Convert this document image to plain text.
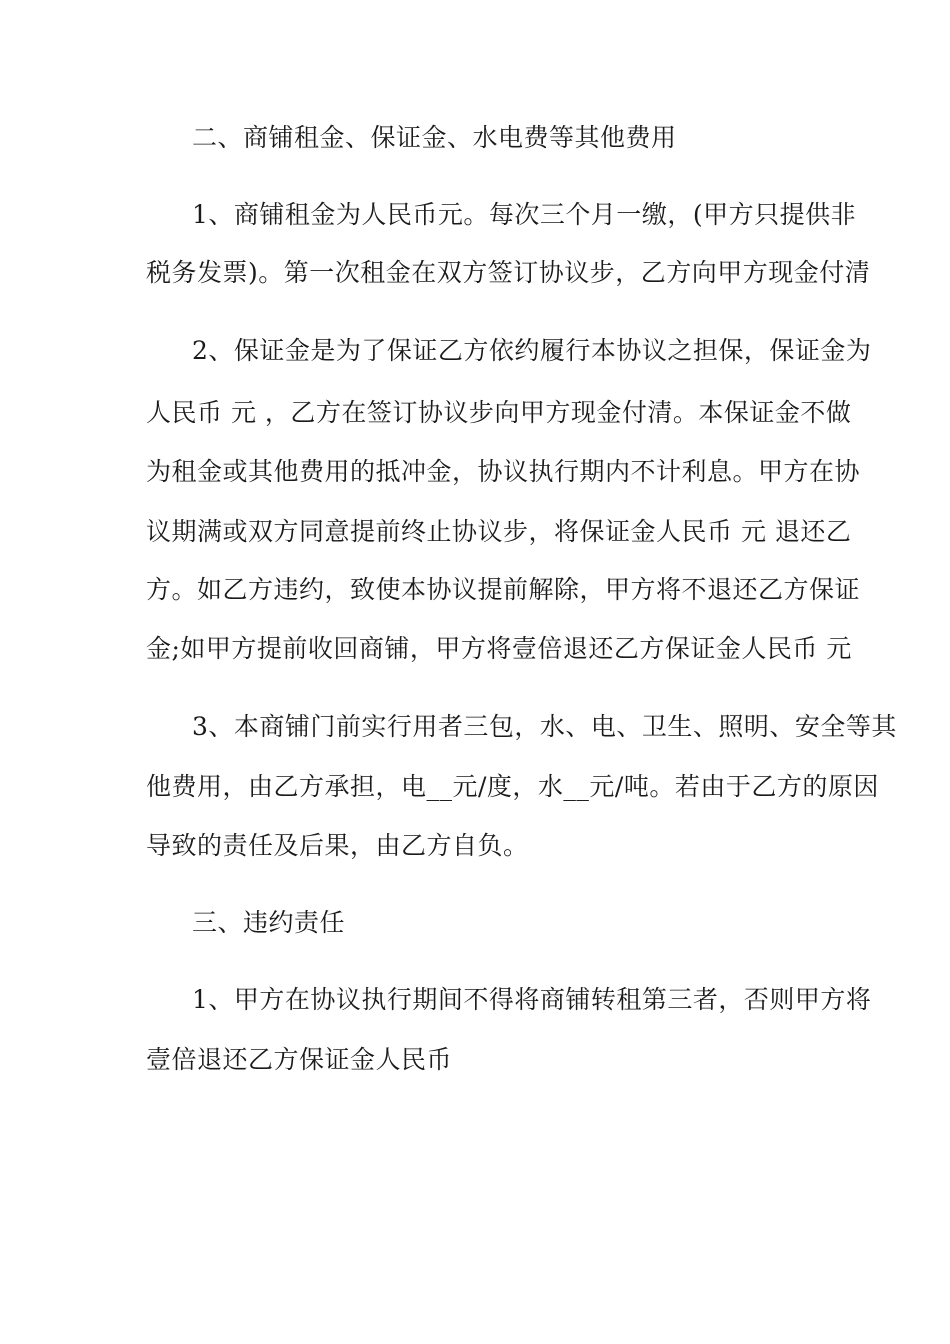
二、商铺租金、保证金、水电费等其他费用
1、商铺租金为人民币元。每次三个月一缴，(甲方只提供非
税务发票)。第一次租金在双方签订协议步，乙方向甲方现金付清
2、保证金是为了保证乙方依约履行本协议之担保，保证金为
人民币 元 ，乙方在签订协议步向甲方现金付清。本保证金不做
为租金或其他费用的抵冲金，协议执行期内不计利息。甲方在协
议期满或双方同意提前终止协议步，将保证金人民币 元 退还乙
方。如乙方违约，致使本协议提前解除，甲方将不退还乙方保证
金;如甲方提前收回商铺，甲方将壹倍退还乙方保证金人民币 元
3、本商铺门前实行用者三包，水、电、卫生、照明、安全等其
他费用，由乙方承担，电__元/度，水__元/吨。若由于乙方的原因
导致的责任及后果，由乙方自负。
三、违约责任
1、甲方在协议执行期间不得将商铺转租第三者，否则甲方将
壹倍退还乙方保证金人民币
